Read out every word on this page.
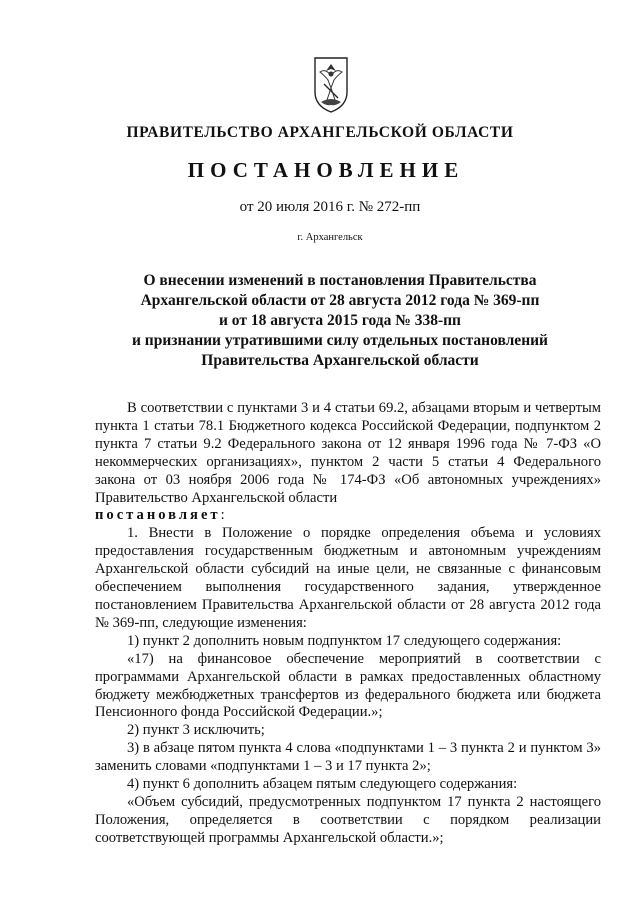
ПРАВИТЕЛЬСТВО АРХАНГЕЛЬСКОЙ ОБЛАСТИ
ПОСТАНОВЛЕНИЕ
от 20 июля 2016 г. № 272-пп
г. Архангельск
О внесении изменений в постановления Правительства
Архангельской области от 28 августа 2012 года № 369-пп
и от 18 августа 2015 года № 338-пп
и признании утратившими силу отдельных постановлений
Правительства Архангельской области

В соответствии с пунктами 3 и 4 статьи 69.2, абзацами вторым и четвертым пункта 1 статьи 78.1 Бюджетного кодекса Российской Федерации, подпунктом 2 пункта 7 статьи 9.2 Федерального закона от 12 января 1996 года № 7-ФЗ «О некоммерческих организациях», пунктом 2 части 5 статьи 4 Федерального закона от 03 ноября 2006 года № 174-ФЗ «Об автономных учреждениях» Правительство Архангельской области

постановляет:

1. Внести в Положение о порядке определения объема и условиях предоставления государственным бюджетным и автономным учреждениям Архангельской области субсидий на иные цели, не связанные с финансовым обеспечением выполнения государственного задания, утвержденное постановлением Правительства Архангельской области от 28 августа 2012 года № 369-пп, следующие изменения:

1) пункт 2 дополнить новым подпунктом 17 следующего содержания:

«17) на финансовое обеспечение мероприятий в соответствии с программами Архангельской области в рамках предоставленных областному бюджету межбюджетных трансфертов из федерального бюджета или бюджета Пенсионного фонда Российской Федерации.»;

2) пункт 3 исключить;

3) в абзаце пятом пункта 4 слова «подпунктами 1 – 3 пункта 2 и пунктом 3» заменить словами «подпунктами 1 – 3 и 17 пункта 2»;

4) пункт 6 дополнить абзацем пятым следующего содержания:

«Объем субсидий, предусмотренных подпунктом 17 пункта 2 настоящего Положения, определяется в соответствии с порядком реализации соответствующей программы Архангельской области.»;
